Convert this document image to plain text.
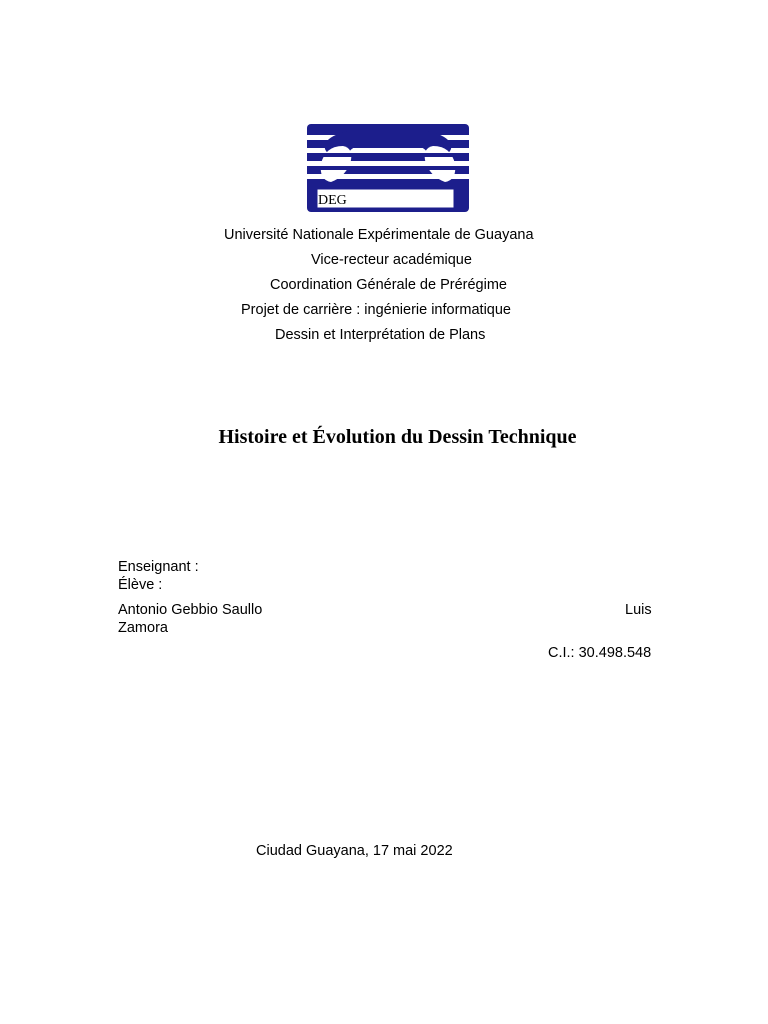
DEG
Université Nationale Expérimentale de Guayana
Vice-recteur académique
Coordination Générale de Prérégime
Projet de carrière : ingénierie informatique
Dessin et Interprétation de Plans
Histoire et Évolution du Dessin Technique
Enseignant :
Élève :
Antonio Gebbio Saullo	Luis
Zamora
C.I.: 30.498.548
Ciudad Guayana, 17 mai 2022
